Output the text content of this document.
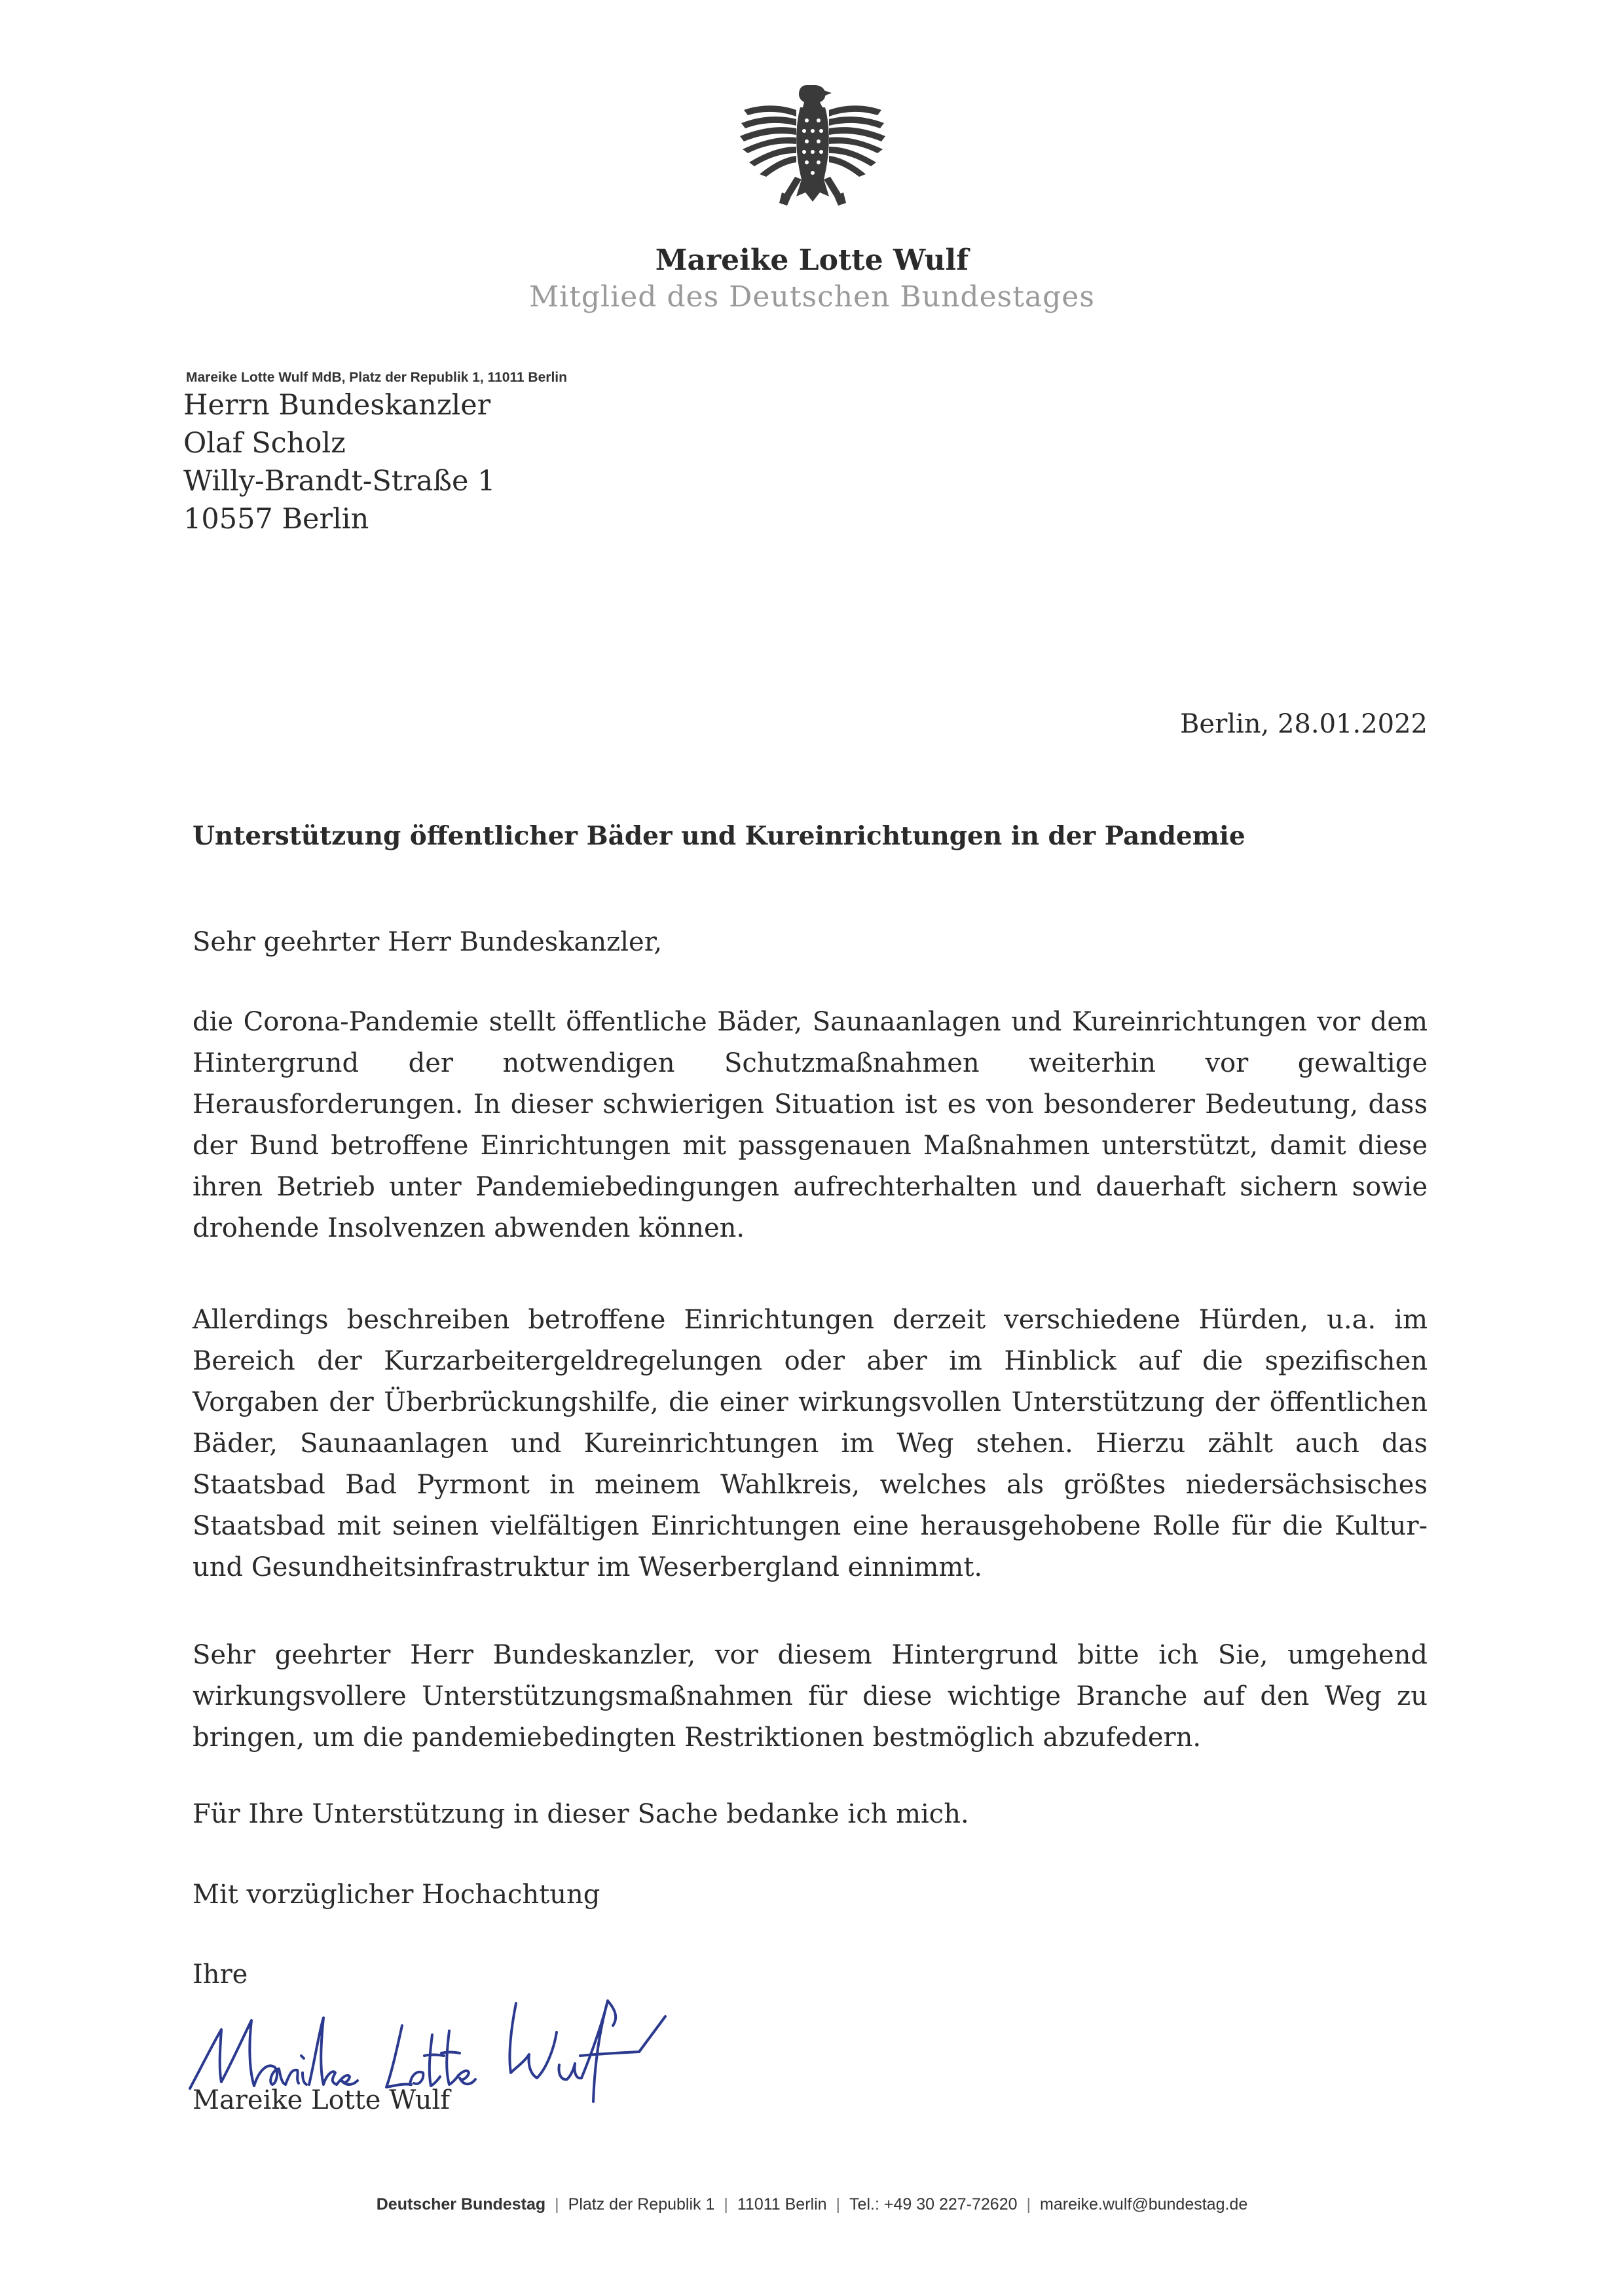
Mareike Lotte Wulf
Mitglied des Deutschen Bundestages
Mareike Lotte Wulf MdB, Platz der Republik 1, 11011 Berlin
Herrn Bundeskanzler
Olaf Scholz
Willy-Brandt-Straße 1
10557 Berlin
Berlin, 28.01.2022
Unterstützung öffentlicher Bäder und Kureinrichtungen in der Pandemie
Sehr geehrter Herr Bundeskanzler,
die Corona-Pandemie stellt öffentliche Bäder, Saunaanlagen und Kureinrichtungen vor dem Hintergrund der notwendigen Schutzmaßnahmen weiterhin vor gewaltige Herausforderungen. In dieser schwierigen Situation ist es von besonderer Bedeutung, dass der Bund betroffene Einrichtungen mit passgenauen Maßnahmen unterstützt, damit diese ihren Betrieb unter Pandemiebedingungen aufrechterhalten und dauerhaft sichern sowie drohende Insolvenzen abwenden können.
Allerdings beschreiben betroffene Einrichtungen derzeit verschiedene Hürden, u.a. im Bereich der Kurzarbeitergeldregelungen oder aber im Hinblick auf die spezifischen Vorgaben der Überbrückungshilfe, die einer wirkungsvollen Unterstützung der öffentlichen Bäder, Saunaanlagen und Kureinrichtungen im Weg stehen. Hierzu zählt auch das Staatsbad Bad Pyrmont in meinem Wahlkreis, welches als größtes niedersächsisches Staatsbad mit seinen vielfältigen Einrichtungen eine herausgehobene Rolle für die Kultur- und Gesundheitsinfrastruktur im Weserbergland einnimmt.
Sehr geehrter Herr Bundeskanzler, vor diesem Hintergrund bitte ich Sie, umgehend wirkungsvollere Unterstützungsmaßnahmen für diese wichtige Branche auf den Weg zu bringen, um die pandemiebedingten Restriktionen bestmöglich abzufedern.
Für Ihre Unterstützung in dieser Sache bedanke ich mich.
Mit vorzüglicher Hochachtung
Ihre
Mareike Lotte Wulf
Deutscher Bundestag | Platz der Republik 1 | 11011 Berlin | Tel.: +49 30 227-72620 | mareike.wulf@bundestag.de
